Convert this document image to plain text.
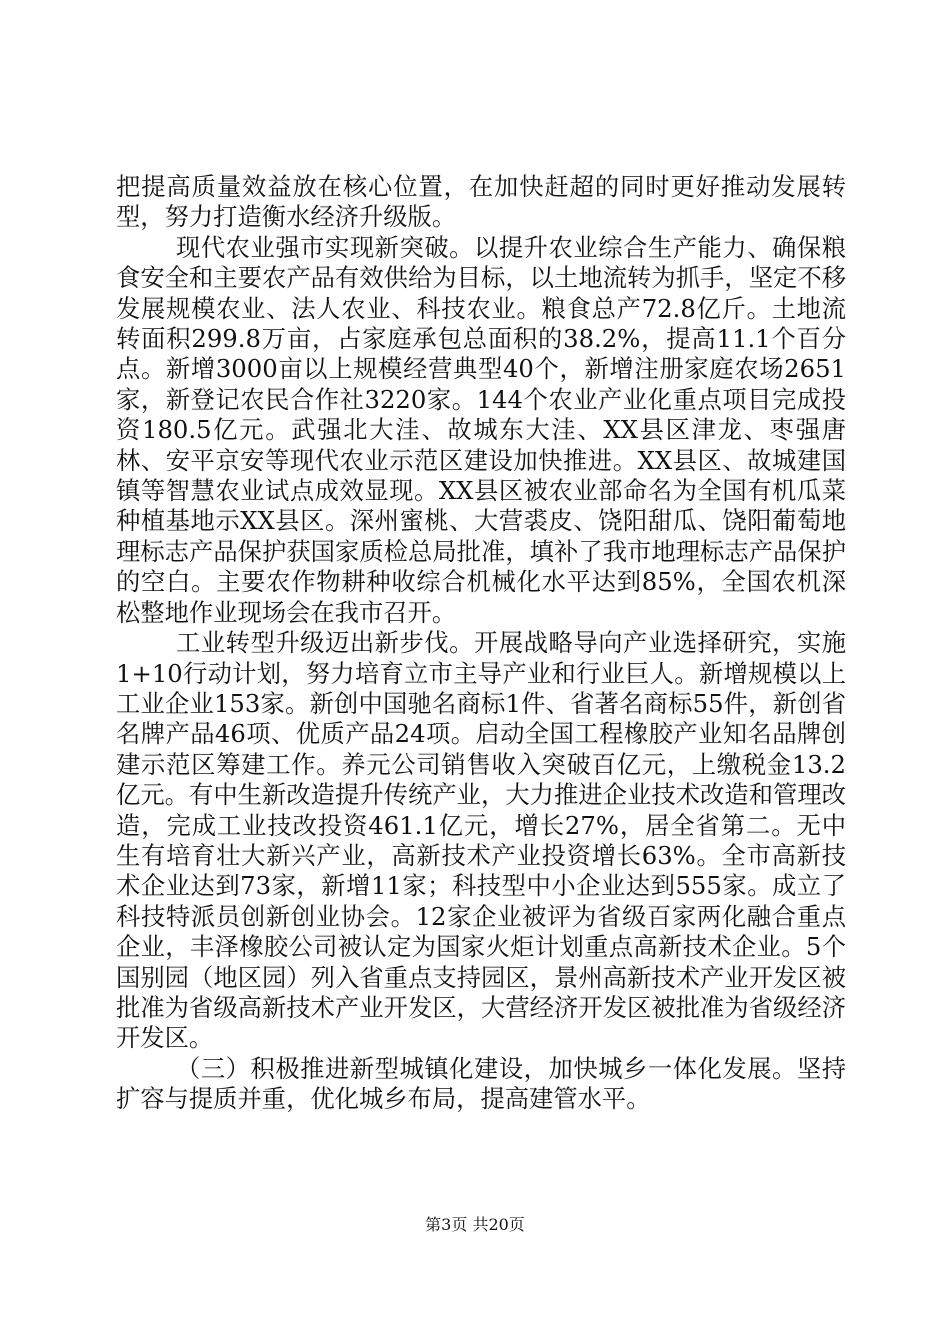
把提高质量效益放在核心位置，在加快赶超的同时更好推动发展转型，努力打造衡水经济升级版。

现代农业强市实现新突破。以提升农业综合生产能力、确保粮食安全和主要农产品有效供给为目标，以土地流转为抓手，坚定不移发展规模农业、法人农业、科技农业。粮食总产72.8亿斤。土地流转面积299.8万亩，占家庭承包总面积的38.2%，提高11.1个百分点。新增3000亩以上规模经营典型40个，新增注册家庭农场2651家，新登记农民合作社3220家。144个农业产业化重点项目完成投资180.5亿元。武强北大洼、故城东大洼、XX县区津龙、枣强唐林、安平京安等现代农业示范区建设加快推进。XX县区、故城建国镇等智慧农业试点成效显现。XX县区被农业部命名为全国有机瓜菜种植基地示XX县区。深州蜜桃、大营裘皮、饶阳甜瓜、饶阳葡萄地理标志产品保护获国家质检总局批准，填补了我市地理标志产品保护的空白。主要农作物耕种收综合机械化水平达到85%，全国农机深松整地作业现场会在我市召开。

工业转型升级迈出新步伐。开展战略导向产业选择研究，实施1+10行动计划，努力培育立市主导产业和行业巨人。新增规模以上工业企业153家。新创中国驰名商标1件、省著名商标55件，新创省名牌产品46项、优质产品24项。启动全国工程橡胶产业知名品牌创建示范区筹建工作。养元公司销售收入突破百亿元，上缴税金13.2亿元。有中生新改造提升传统产业，大力推进企业技术改造和管理改造，完成工业技改投资461.1亿元，增长27%，居全省第二。无中生有培育壮大新兴产业，高新技术产业投资增长63%。全市高新技术企业达到73家，新增11家；科技型中小企业达到555家。成立了科技特派员创新创业协会。12家企业被评为省级百家两化融合重点企业，丰泽橡胶公司被认定为国家火炬计划重点高新技术企业。5个国别园（地区园）列入省重点支持园区，景州高新技术产业开发区被批准为省级高新技术产业开发区，大营经济开发区被批准为省级经济开发区。

（三）积极推进新型城镇化建设，加快城乡一体化发展。坚持扩容与提质并重，优化城乡布局，提高建管水平。

第3页 共20页
